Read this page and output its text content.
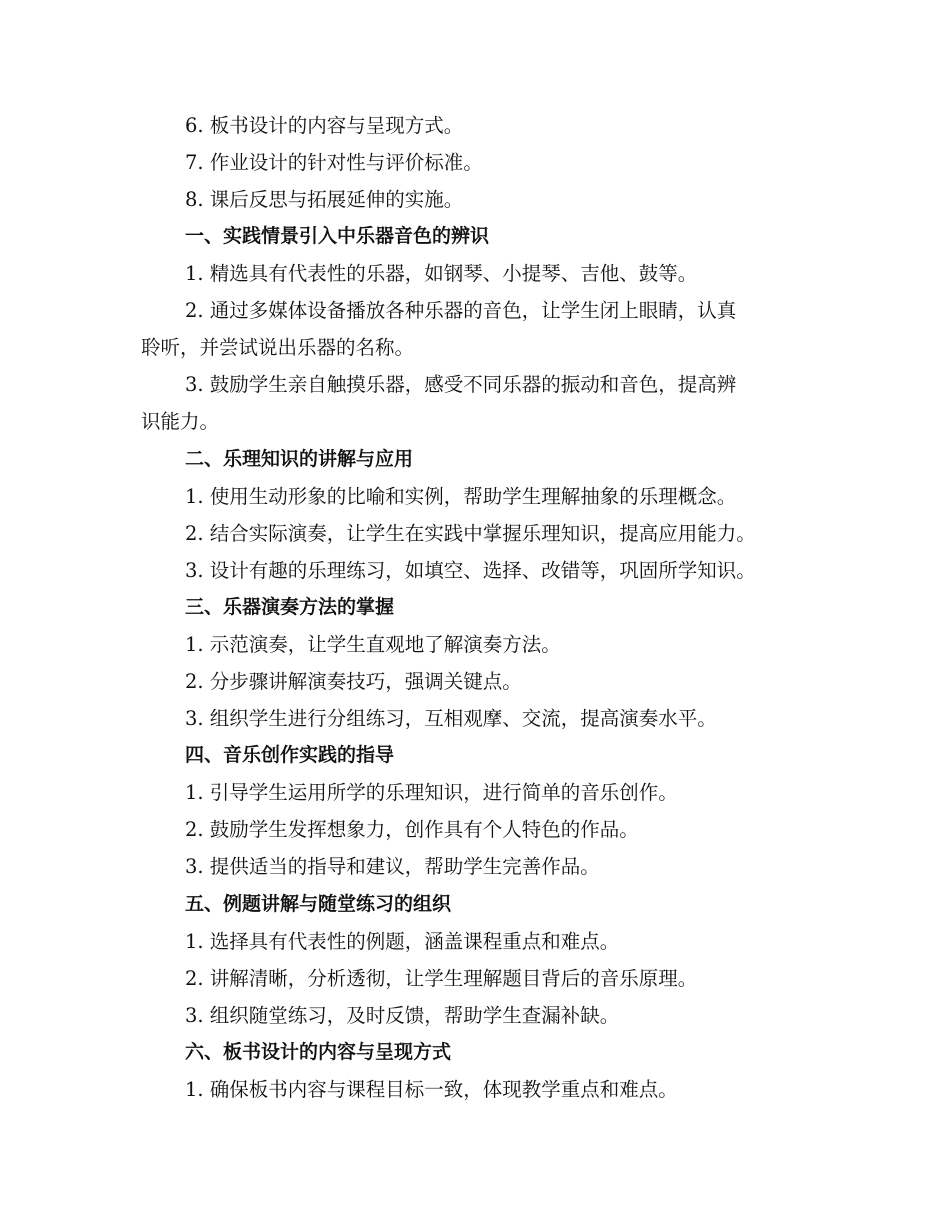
6. 板书设计的内容与呈现方式。
7. 作业设计的针对性与评价标准。
8. 课后反思与拓展延伸的实施。
一、实践情景引入中乐器音色的辨识
1. 精选具有代表性的乐器，如钢琴、小提琴、吉他、鼓等。
2. 通过多媒体设备播放各种乐器的音色，让学生闭上眼睛，认真
聆听，并尝试说出乐器的名称。
3. 鼓励学生亲自触摸乐器，感受不同乐器的振动和音色，提高辨
识能力。
二、乐理知识的讲解与应用
1. 使用生动形象的比喻和实例，帮助学生理解抽象的乐理概念。
2. 结合实际演奏，让学生在实践中掌握乐理知识，提高应用能力。
3. 设计有趣的乐理练习，如填空、选择、改错等，巩固所学知识。
三、乐器演奏方法的掌握
1. 示范演奏，让学生直观地了解演奏方法。
2. 分步骤讲解演奏技巧，强调关键点。
3. 组织学生进行分组练习，互相观摩、交流，提高演奏水平。
四、音乐创作实践的指导
1. 引导学生运用所学的乐理知识，进行简单的音乐创作。
2. 鼓励学生发挥想象力，创作具有个人特色的作品。
3. 提供适当的指导和建议，帮助学生完善作品。
五、例题讲解与随堂练习的组织
1. 选择具有代表性的例题，涵盖课程重点和难点。
2. 讲解清晰，分析透彻，让学生理解题目背后的音乐原理。
3. 组织随堂练习，及时反馈，帮助学生查漏补缺。
六、板书设计的内容与呈现方式
1. 确保板书内容与课程目标一致，体现教学重点和难点。
